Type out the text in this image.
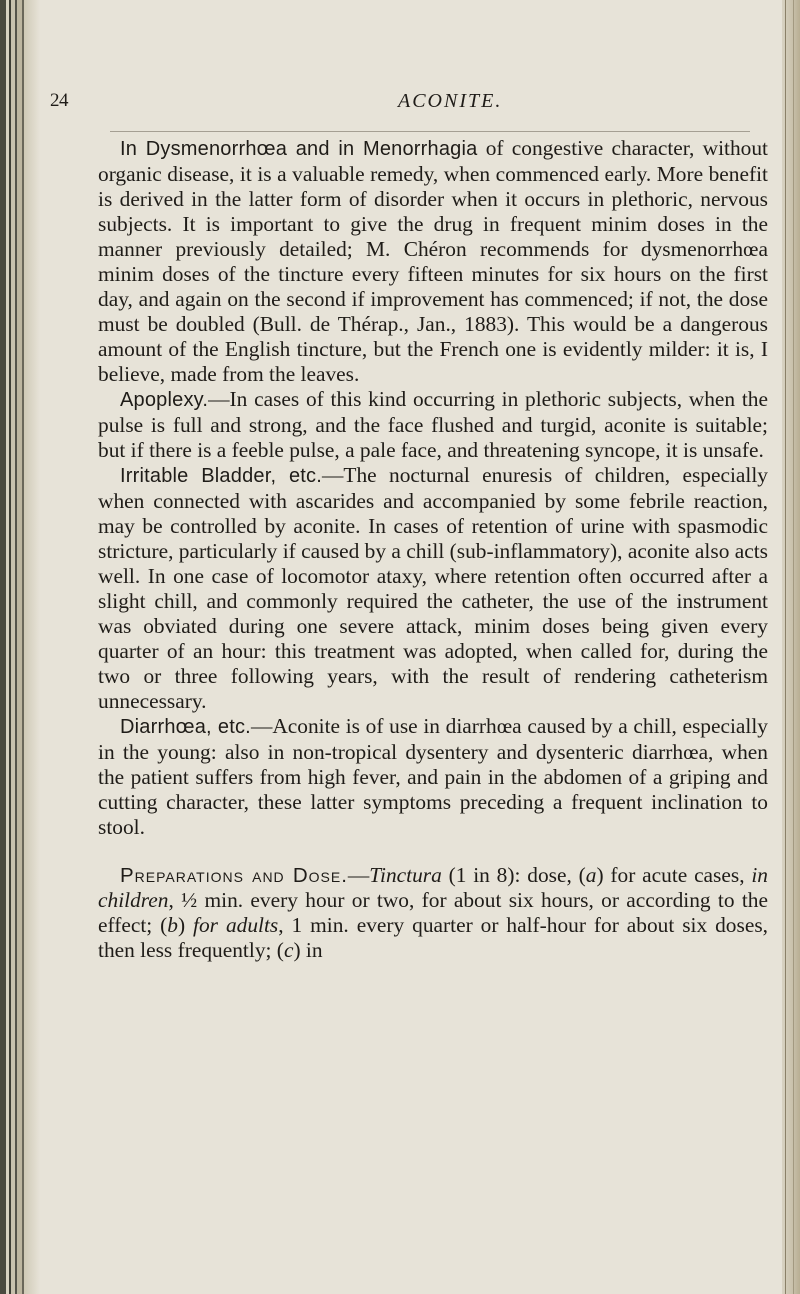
24	ACONITE.

In Dysmenorrhœa and in Menorrhagia of congestive character, without organic disease, it is a valuable remedy, when commenced early. More benefit is derived in the latter form of disorder when it occurs in plethoric, nervous subjects. It is important to give the drug in frequent minim doses in the manner previously detailed; M. Chéron recommends for dysmenorrhœa minim doses of the tincture every fifteen minutes for six hours on the first day, and again on the second if improvement has commenced; if not, the dose must be doubled (Bull. de Thérap., Jan., 1883). This would be a dangerous amount of the English tincture, but the French one is evidently milder: it is, I believe, made from the leaves.

Apoplexy.—In cases of this kind occurring in plethoric subjects, when the pulse is full and strong, and the face flushed and turgid, aconite is suitable; but if there is a feeble pulse, a pale face, and threatening syncope, it is unsafe.

Irritable Bladder, etc.—The nocturnal enuresis of children, especially when connected with ascarides and accompanied by some febrile reaction, may be controlled by aconite. In cases of retention of urine with spasmodic stricture, particularly if caused by a chill (sub-inflammatory), aconite also acts well. In one case of locomotor ataxy, where retention often occurred after a slight chill, and commonly required the catheter, the use of the instrument was obviated during one severe attack, minim doses being given every quarter of an hour: this treatment was adopted, when called for, during the two or three following years, with the result of rendering catheterism unnecessary.

Diarrhœa, etc.—Aconite is of use in diarrhœa caused by a chill, especially in the young: also in non-tropical dysentery and dysenteric diarrhœa, when the patient suffers from high fever, and pain in the abdomen of a griping and cutting character, these latter symptoms preceding a frequent inclination to stool.

Preparations and Dose.—Tinctura (1 in 8): dose, (a) for acute cases, in children, ½ min. every hour or two, for about six hours, or according to the effect; (b) for adults, 1 min. every quarter or half-hour for about six doses, then less frequently; (c) in
